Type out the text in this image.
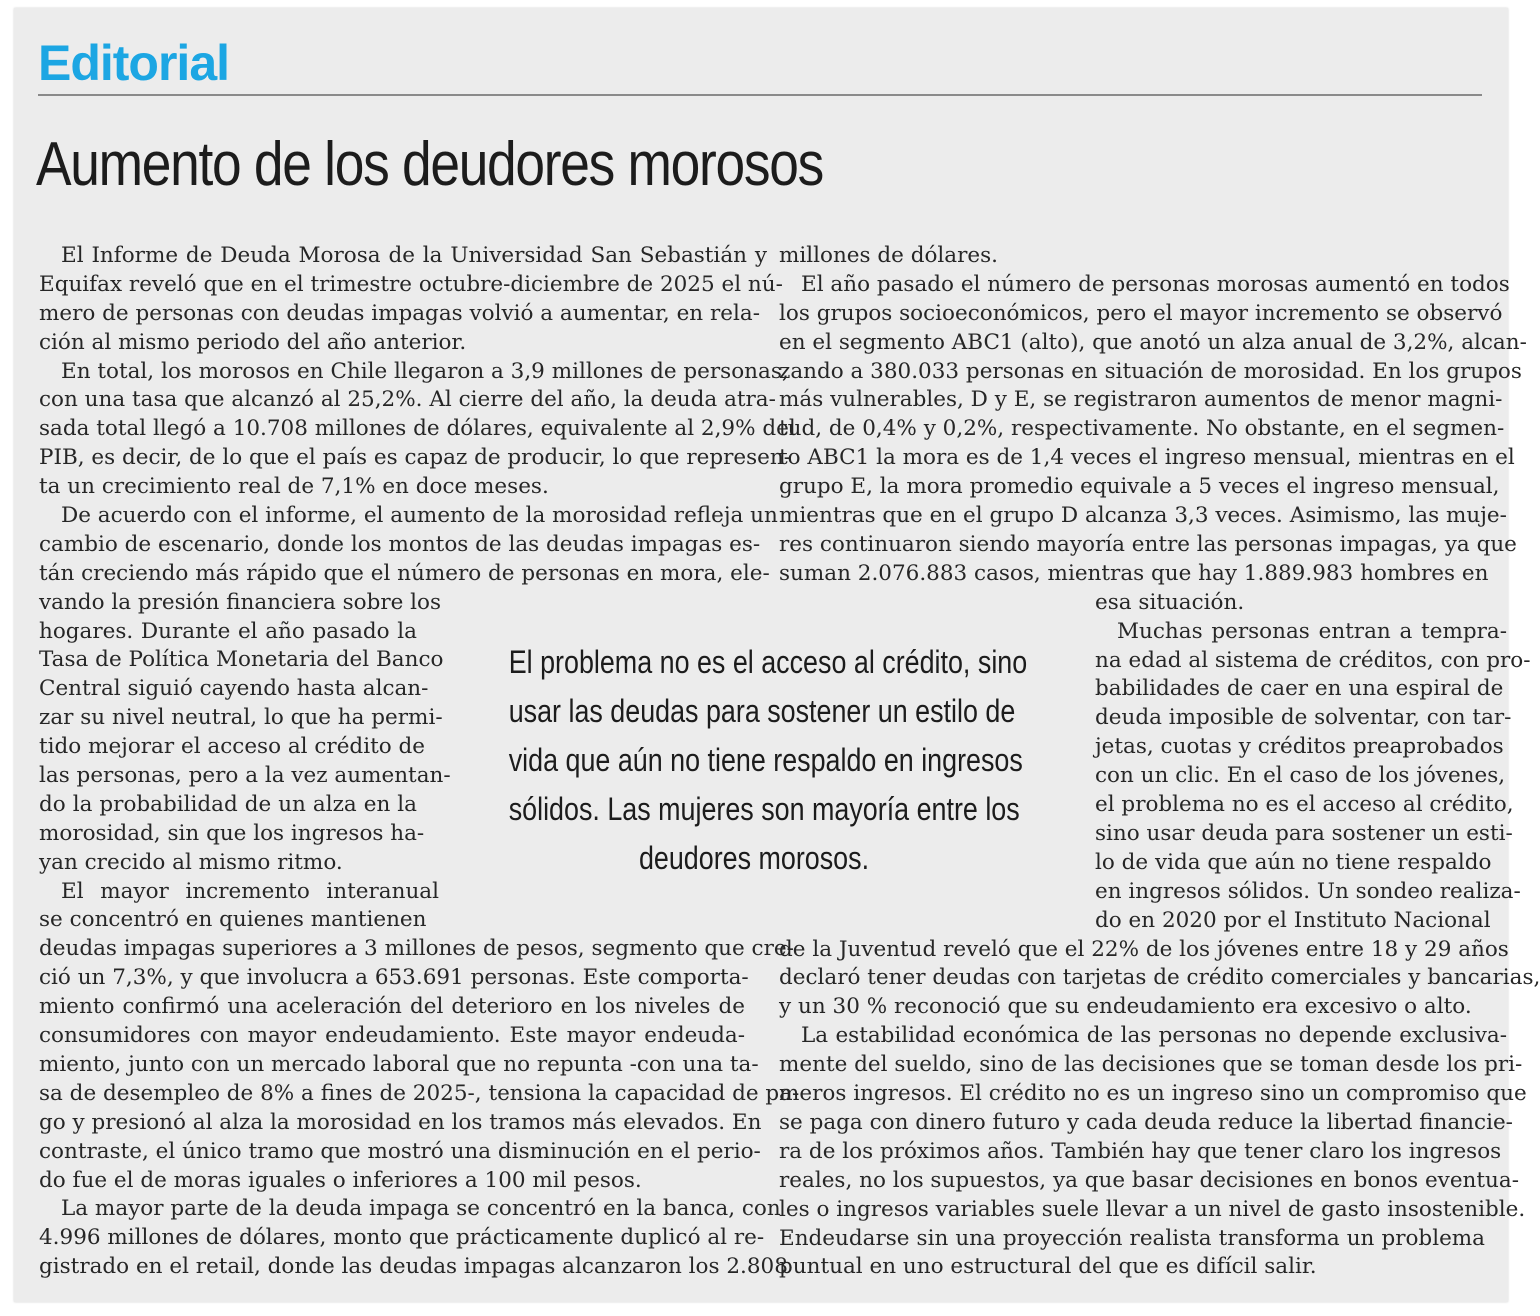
Editorial
Aumento de los deudores morosos
El Informe de Deuda Morosa de la Universidad San Sebastián y
Equifax reveló que en el trimestre octubre-diciembre de 2025 el nú-
mero de personas con deudas impagas volvió a aumentar, en rela-
ción al mismo periodo del año anterior.
En total, los morosos en Chile llegaron a 3,9 millones de personas,
con una tasa que alcanzó al 25,2%. Al cierre del año, la deuda atra-
sada total llegó a 10.708 millones de dólares, equivalente al 2,9% del
PIB, es decir, de lo que el país es capaz de producir, lo que represen-
ta un crecimiento real de 7,1% en doce meses.
De acuerdo con el informe, el aumento de la morosidad refleja un
cambio de escenario, donde los montos de las deudas impagas es-
tán creciendo más rápido que el número de personas en mora, ele-
vando la presión financiera sobre los
hogares. Durante el año pasado la
Tasa de Política Monetaria del Banco
Central siguió cayendo hasta alcan-
zar su nivel neutral, lo que ha permi-
tido mejorar el acceso al crédito de
las personas, pero a la vez aumentan-
do la probabilidad de un alza en la
morosidad, sin que los ingresos ha-
yan crecido al mismo ritmo.
El mayor incremento interanual
se concentró en quienes mantienen
deudas impagas superiores a 3 millones de pesos, segmento que cre-
ció un 7,3%, y que involucra a 653.691 personas. Este comporta-
miento confirmó una aceleración del deterioro en los niveles de
consumidores con mayor endeudamiento. Este mayor endeuda-
miento, junto con un mercado laboral que no repunta -con una ta-
sa de desempleo de 8% a fines de 2025-, tensiona la capacidad de pa-
go y presionó al alza la morosidad en los tramos más elevados. En
contraste, el único tramo que mostró una disminución en el perio-
do fue el de moras iguales o inferiores a 100 mil pesos.
La mayor parte de la deuda impaga se concentró en la banca, con
4.996 millones de dólares, monto que prácticamente duplicó al re-
gistrado en el retail, donde las deudas impagas alcanzaron los 2.808
millones de dólares.
El año pasado el número de personas morosas aumentó en todos
los grupos socioeconómicos, pero el mayor incremento se observó
en el segmento ABC1 (alto), que anotó un alza anual de 3,2%, alcan-
zando a 380.033 personas en situación de morosidad. En los grupos
más vulnerables, D y E, se registraron aumentos de menor magni-
tud, de 0,4% y 0,2%, respectivamente. No obstante, en el segmen-
to ABC1 la mora es de 1,4 veces el ingreso mensual, mientras en el
grupo E, la mora promedio equivale a 5 veces el ingreso mensual,
mientras que en el grupo D alcanza 3,3 veces. Asimismo, las muje-
res continuaron siendo mayoría entre las personas impagas, ya que
suman 2.076.883 casos, mientras que hay 1.889.983 hombres en
esa situación.
Muchas personas entran a tempra-
na edad al sistema de créditos, con pro-
babilidades de caer en una espiral de
deuda imposible de solventar, con tar-
jetas, cuotas y créditos preaprobados
con un clic. En el caso de los jóvenes,
el problema no es el acceso al crédito,
sino usar deuda para sostener un esti-
lo de vida que aún no tiene respaldo
en ingresos sólidos. Un sondeo realiza-
do en 2020 por el Instituto Nacional
de la Juventud reveló que el 22% de los jóvenes entre 18 y 29 años
declaró tener deudas con tarjetas de crédito comerciales y bancarias,
y un 30 % reconoció que su endeudamiento era excesivo o alto.
La estabilidad económica de las personas no depende exclusiva-
mente del sueldo, sino de las decisiones que se toman desde los pri-
meros ingresos. El crédito no es un ingreso sino un compromiso que
se paga con dinero futuro y cada deuda reduce la libertad financie-
ra de los próximos años. También hay que tener claro los ingresos
reales, no los supuestos, ya que basar decisiones en bonos eventua-
les o ingresos variables suele llevar a un nivel de gasto insostenible.
Endeudarse sin una proyección realista transforma un problema
puntual en uno estructural del que es difícil salir.
El problema no es el acceso al crédito, sino
usar las deudas para sostener un estilo de
vida que aún no tiene respaldo en ingresos
sólidos. Las mujeres son mayoría entre los
deudores morosos.
